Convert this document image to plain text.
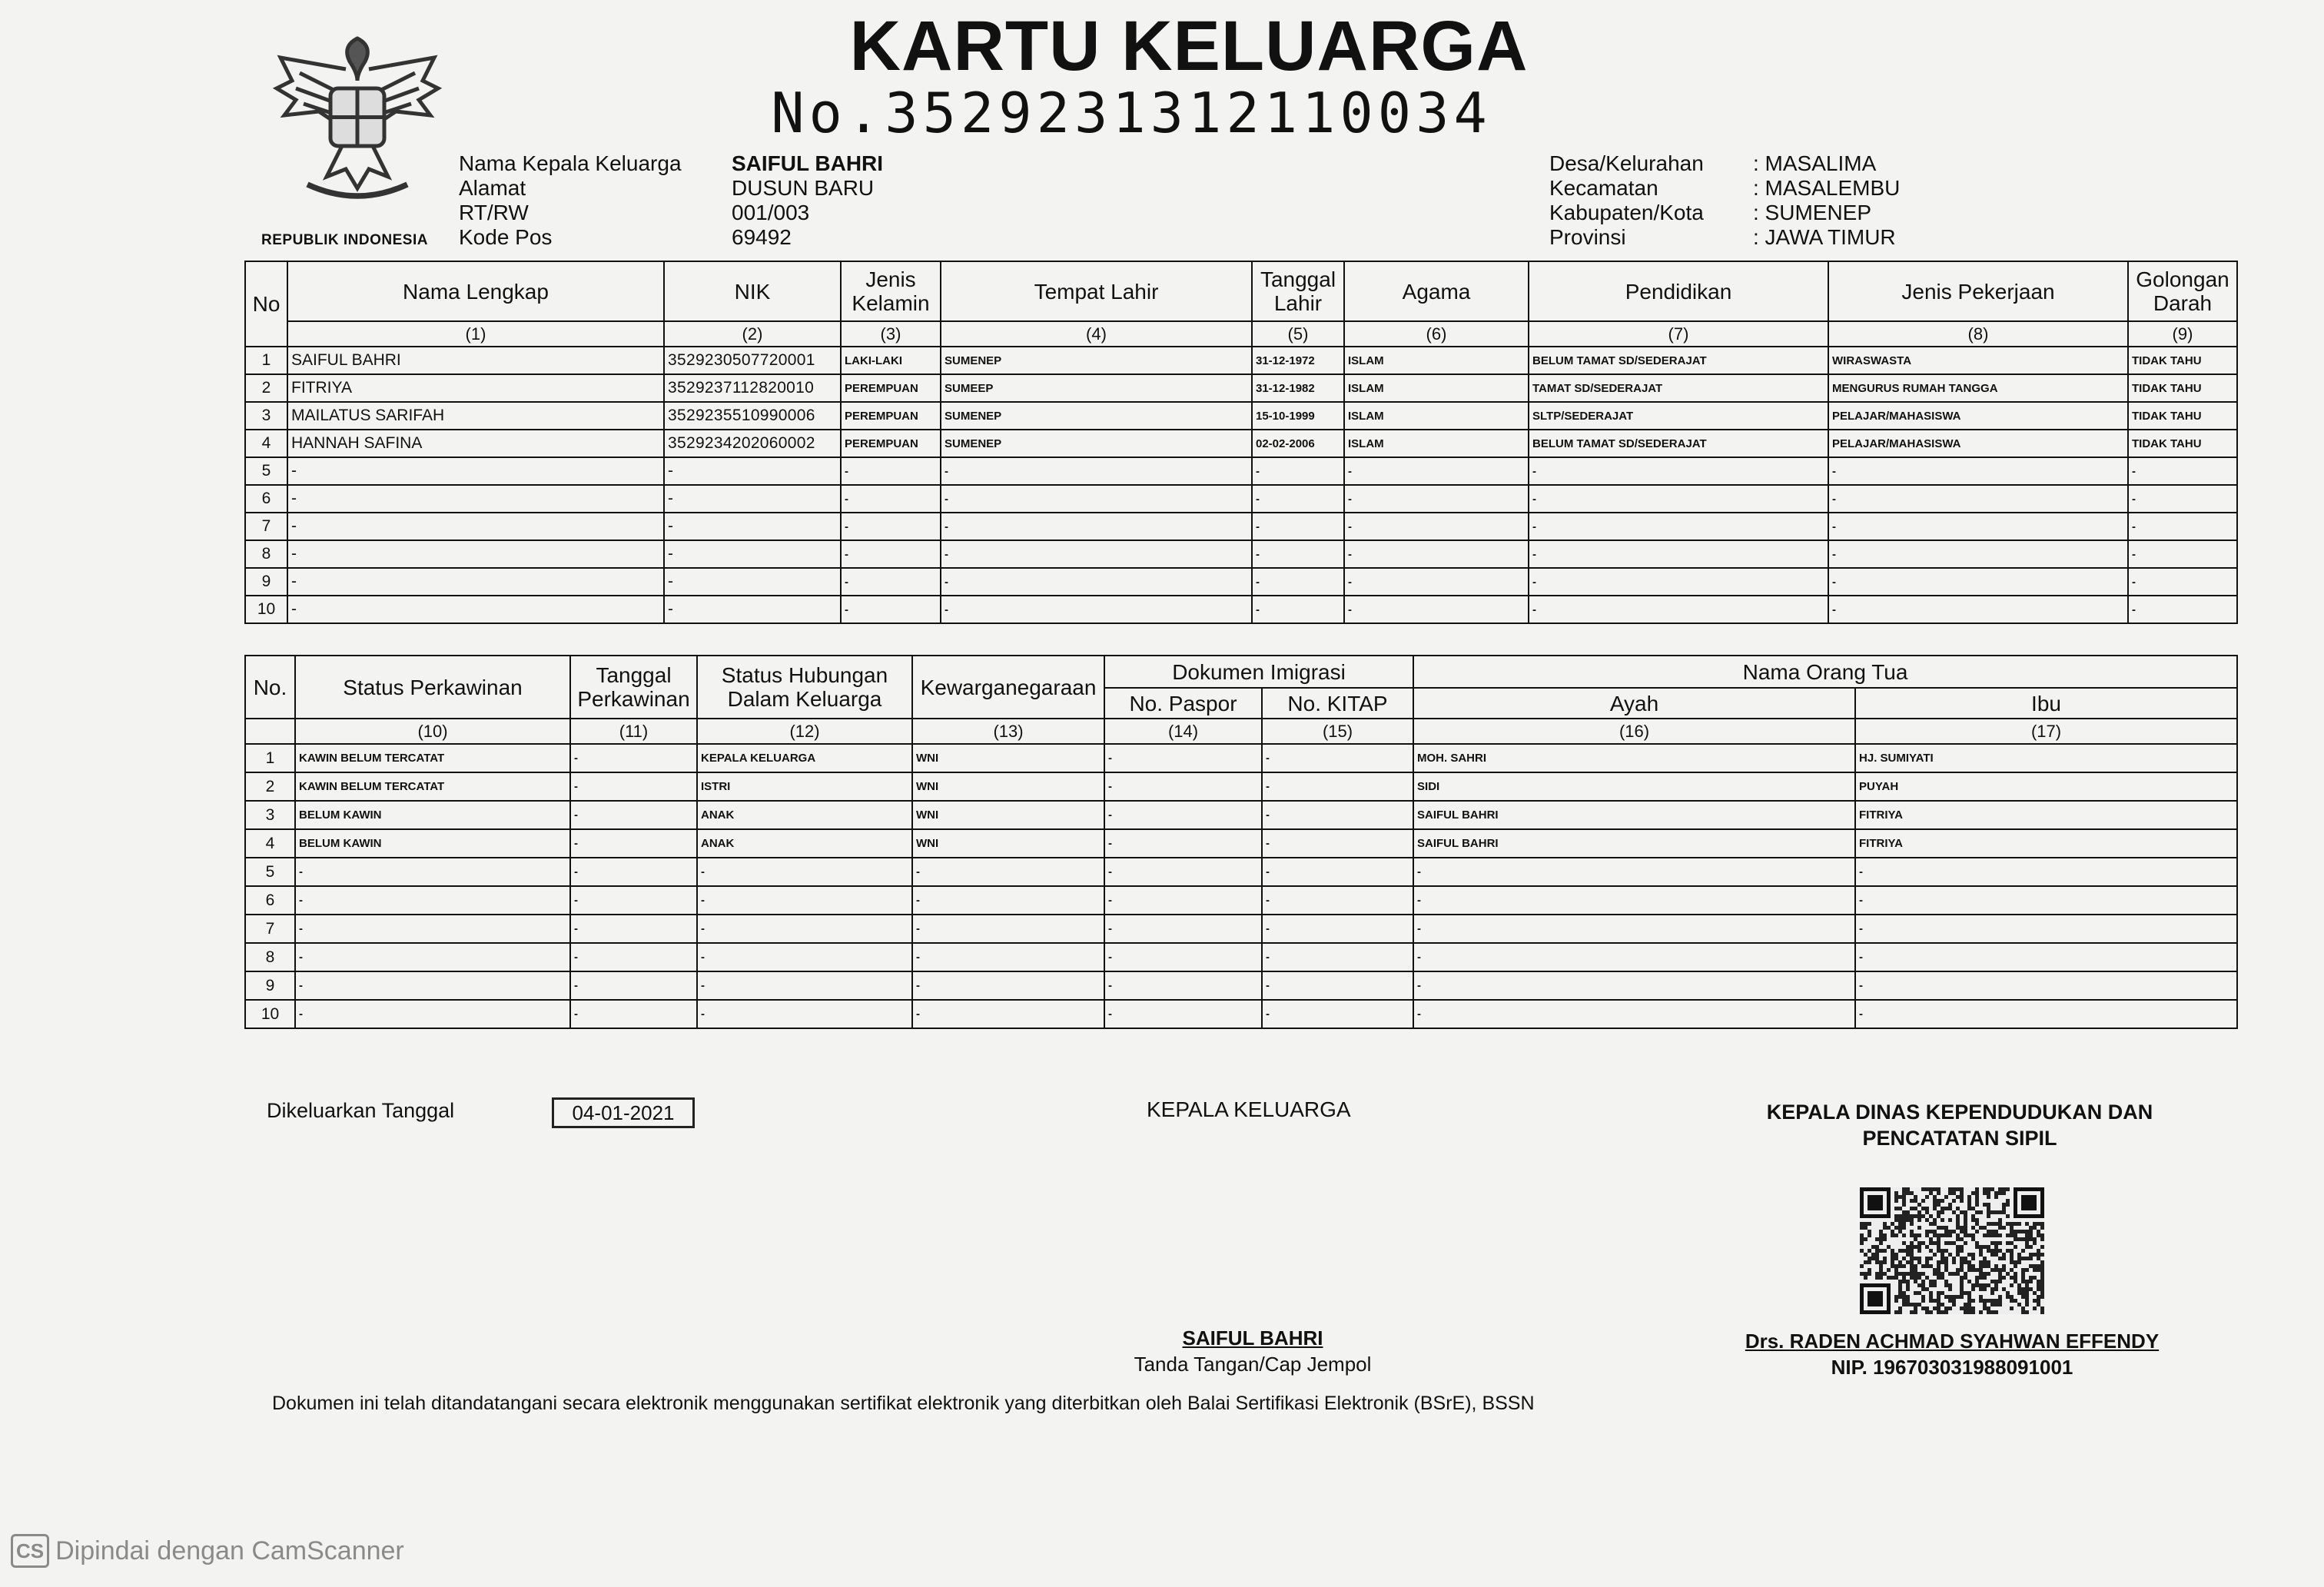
KARTU KELUARGA
No.3529231312110034
REPUBLIK INDONESIA
Nama Kepala Keluarga	SAIFUL BAHRI
Alamat	DUSUN BARU
RT/RW	001/003
Kode Pos	69492
Desa/Kelurahan	: MASALIMA
Kecamatan	: MASALEMBU
Kabupaten/Kota	: SUMENEP
Provinsi	: JAWA TIMUR
No	Nama Lengkap	NIK	Jenis Kelamin	Tempat Lahir	Tanggal Lahir	Agama	Pendidikan	Jenis Pekerjaan	Golongan Darah
	(1)	(2)	(3)	(4)	(5)	(6)	(7)	(8)	(9)
1	SAIFUL BAHRI	3529230507720001	LAKI-LAKI	SUMENEP	31-12-1972	ISLAM	BELUM TAMAT SD/SEDERAJAT	WIRASWASTA	TIDAK TAHU
2	FITRIYA	3529237112820010	PEREMPUAN	SUMEEP	31-12-1982	ISLAM	TAMAT SD/SEDERAJAT	MENGURUS RUMAH TANGGA	TIDAK TAHU
3	MAILATUS SARIFAH	3529235510990006	PEREMPUAN	SUMENEP	15-10-1999	ISLAM	SLTP/SEDERAJAT	PELAJAR/MAHASISWA	TIDAK TAHU
4	HANNAH SAFINA	3529234202060002	PEREMPUAN	SUMENEP	02-02-2006	ISLAM	BELUM TAMAT SD/SEDERAJAT	PELAJAR/MAHASISWA	TIDAK TAHU
5	-	-	-	-	-	-	-	-	-
6	-	-	-	-	-	-	-	-	-
7	-	-	-	-	-	-	-	-	-
8	-	-	-	-	-	-	-	-	-
9	-	-	-	-	-	-	-	-	-
10	-	-	-	-	-	-	-	-	-
No.	Status Perkawinan	Tanggal Perkawinan	Status Hubungan Dalam Keluarga	Kewarganegaraan	Dokumen Imigrasi		Nama Orang Tua	
					No. Paspor	No. KITAP	Ayah	Ibu
	(10)	(11)	(12)	(13)	(14)	(15)	(16)	(17)
1	KAWIN BELUM TERCATAT	-	KEPALA KELUARGA	WNI	-	-	MOH. SAHRI	HJ. SUMIYATI
2	KAWIN BELUM TERCATAT	-	ISTRI	WNI	-	-	SIDI	PUYAH
3	BELUM KAWIN	-	ANAK	WNI	-	-	SAIFUL BAHRI	FITRIYA
4	BELUM KAWIN	-	ANAK	WNI	-	-	SAIFUL BAHRI	FITRIYA
5	-	-	-	-	-	-	-	-
6	-	-	-	-	-	-	-	-
7	-	-	-	-	-	-	-	-
8	-	-	-	-	-	-	-	-
9	-	-	-	-	-	-	-	-
10	-	-	-	-	-	-	-	-
Dikeluarkan Tanggal	04-01-2021	KEPALA KELUARGA	KEPALA DINAS KEPENDUDUKAN DAN
PENCATATAN SIPIL
SAIFUL BAHRI
Tanda Tangan/Cap Jempol
Drs. RADEN ACHMAD SYAHWAN EFFENDY
NIP. 196703031988091001
Dokumen ini telah ditandatangani secara elektronik menggunakan sertifikat elektronik yang diterbitkan oleh Balai Sertifikasi Elektronik (BSrE), BSSN
CS Dipindai dengan CamScanner
